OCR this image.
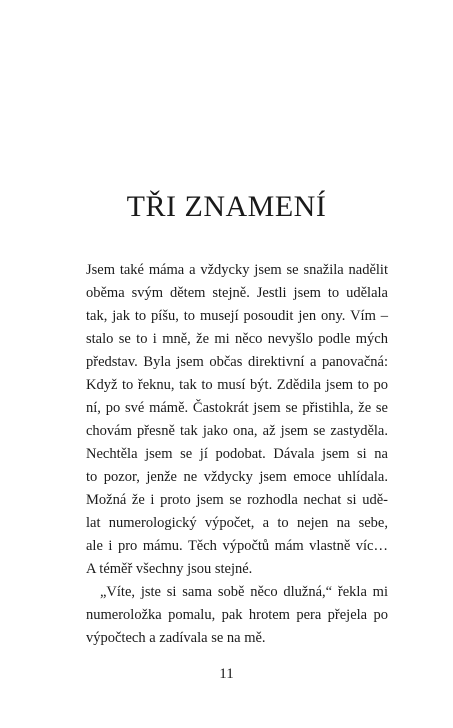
TŘI ZNAMENÍ

Jsem také máma a vždycky jsem se snažila nadělit
oběma svým dětem stejně. Jestli jsem to udělala
tak, jak to píšu, to musejí posoudit jen ony. Vím –
stalo se to i mně, že mi něco nevyšlo podle mých
představ. Byla jsem občas direktivní a panovačná:
Když to řeknu, tak to musí být. Zdědila jsem to po
ní, po své mámě. Častokrát jsem se přistihla, že se
chovám přesně tak jako ona, až jsem se zastyděla.
Nechtěla jsem se jí podobat. Dávala jsem si na
to pozor, jenže ne vždycky jsem emoce uhlídala.
Možná že i proto jsem se rozhodla nechat si udě-
lat numerologický výpočet, a to nejen na sebe,
ale i pro mámu. Těch výpočtů mám vlastně víc…
A téměř všechny jsou stejné.

„Víte, jste si sama sobě něco dlužná,“ řekla mi
numeroložka pomalu, pak hrotem pera přejela po
výpočtech a zadívala se na mě.

11
